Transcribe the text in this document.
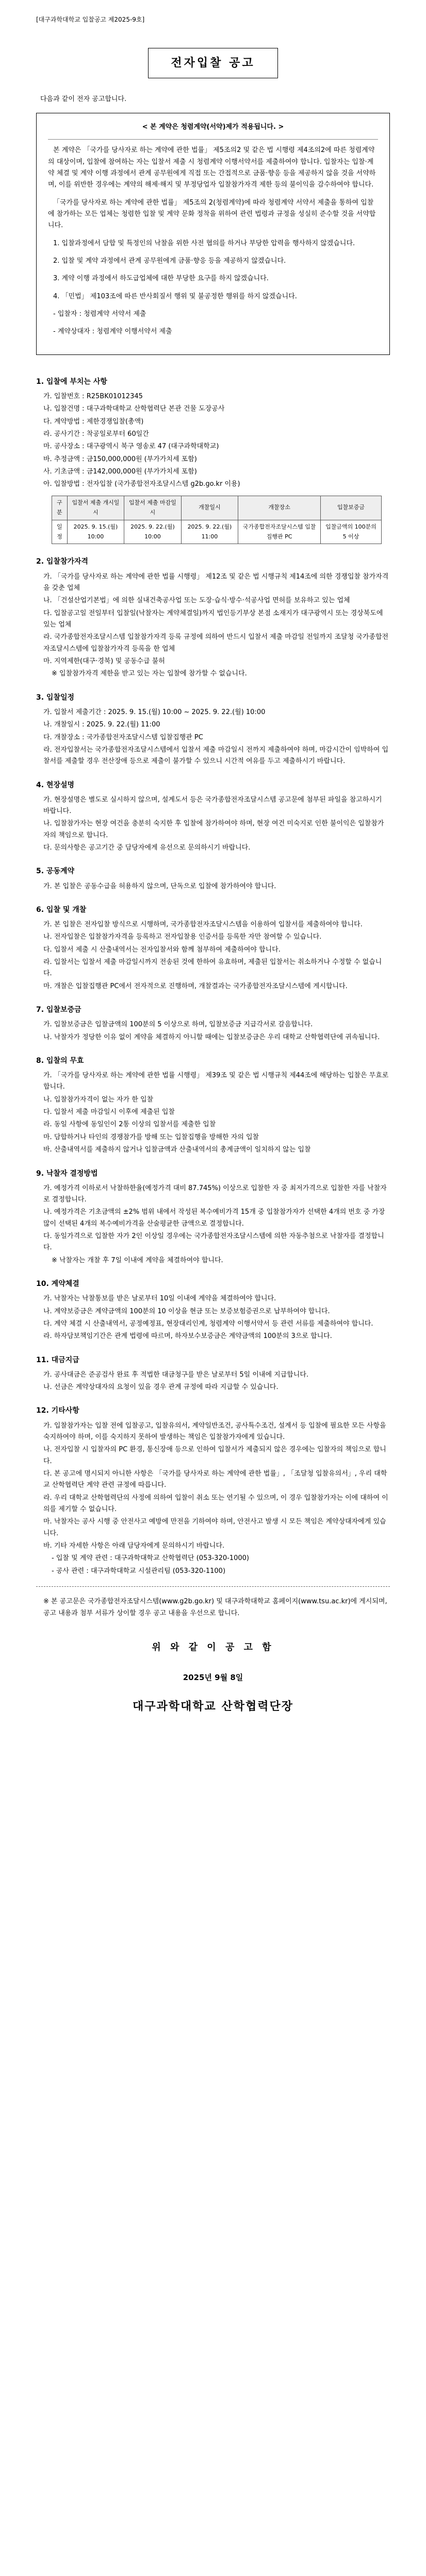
[대구과학대학교 입찰공고 제2025-9호]
전자입찰 공고
다음과 같이 전자 공고합니다.
< 본 계약은 청렴계약(서약)제가 적용됩니다. >

본 계약은 「국가를 당사자로 하는 계약에 관한 법률」 제5조의2 및 같은 법 시행령 제4조의2에 따른 청렴계약의 대상이며, 입찰에 참여하는 자는 입찰서 제출 시 청렴계약 이행서약서를 제출하여야 합니다. 입찰자는 입찰·계약 체결 및 계약 이행 과정에서 관계 공무원에게 직접 또는 간접적으로 금품·향응 등을 제공하지 않을 것을 서약하며, 이를 위반한 경우에는 계약의 해제·해지 및 부정당업자 입찰참가자격 제한 등의 불이익을 감수하여야 합니다.

「국가를 당사자로 하는 계약에 관한 법률」 제5조의 2(청렴계약)에 따라 청렴계약 서약서 제출을 통하여 입찰에 참가하는 모든 업체는 청렴한 입찰 및 계약 문화 정착을 위하여 관련 법령과 규정을 성실히 준수할 것을 서약합니다.

1. 입찰과정에서 담합 및 특정인의 낙찰을 위한 사전 협의를 하거나 부당한 압력을 행사하지 않겠습니다.

2. 입찰 및 계약 과정에서 관계 공무원에게 금품·향응 등을 제공하지 않겠습니다.

3. 계약 이행 과정에서 하도급업체에 대한 부당한 요구를 하지 않겠습니다.

4. 「민법」 제103조에 따른 반사회질서 행위 및 불공정한 행위를 하지 않겠습니다.

- 입찰자 : 청렴계약 서약서 제출

- 계약상대자 : 청렴계약 이행서약서 제출

1. 입찰에 부치는 사항
가. 입찰번호 : R25BK01012345
나. 입찰건명 : 대구과학대학교 산학협력단 본관 건물 도장공사
다. 계약방법 : 제한경쟁입찰(총액)
라. 공사기간 : 착공일로부터 60일간
마. 공사장소 : 대구광역시 북구 영송로 47 (대구과학대학교)
바. 추정금액 : 금150,000,000원 (부가가치세 포함)
사. 기초금액 : 금142,000,000원 (부가가치세 포함)
아. 입찰방법 : 전자입찰 (국가종합전자조달시스템 g2b.go.kr 이용)
구분	입찰서 제출 개시일시	입찰서 제출 마감일시	개찰일시	개찰장소	입찰보증금
일정	2025. 9. 15.(월) 10:00	2025. 9. 22.(월) 10:00	2025. 9. 22.(월) 11:00	국가종합전자조달시스템 입찰집행관 PC	입찰금액의 100분의 5 이상
2. 입찰참가자격
가. 「국가를 당사자로 하는 계약에 관한 법률 시행령」 제12조 및 같은 법 시행규칙 제14조에 의한 경쟁입찰 참가자격을 갖춘 업체
나. 「건설산업기본법」에 의한 실내건축공사업 또는 도장·습식·방수·석공사업 면허를 보유하고 있는 업체
다. 입찰공고일 전일부터 입찰일(낙찰자는 계약체결일)까지 법인등기부상 본점 소재지가 대구광역시 또는 경상북도에 있는 업체
라. 국가종합전자조달시스템 입찰참가자격 등록 규정에 의하여 반드시 입찰서 제출 마감일 전일까지 조달청 국가종합전자조달시스템에 입찰참가자격 등록을 한 업체
마. 지역제한(대구·경북) 및 공동수급 불허
※ 입찰참가자격 제한을 받고 있는 자는 입찰에 참가할 수 없습니다.
3. 입찰일정
가. 입찰서 제출기간 : 2025. 9. 15.(월) 10:00 ~ 2025. 9. 22.(월) 10:00
나. 개찰일시 : 2025. 9. 22.(월) 11:00
다. 개찰장소 : 국가종합전자조달시스템 입찰집행관 PC
라. 전자입찰서는 국가종합전자조달시스템에서 입찰서 제출 마감일시 전까지 제출하여야 하며, 마감시간이 임박하여 입찰서를 제출할 경우 전산장애 등으로 제출이 불가할 수 있으니 시간적 여유를 두고 제출하시기 바랍니다.
4. 현장설명
가. 현장설명은 별도로 실시하지 않으며, 설계도서 등은 국가종합전자조달시스템 공고문에 첨부된 파일을 참고하시기 바랍니다.
나. 입찰참가자는 현장 여건을 충분히 숙지한 후 입찰에 참가하여야 하며, 현장 여건 미숙지로 인한 불이익은 입찰참가자의 책임으로 합니다.
다. 문의사항은 공고기간 중 담당자에게 유선으로 문의하시기 바랍니다.
5. 공동계약
가. 본 입찰은 공동수급을 허용하지 않으며, 단독으로 입찰에 참가하여야 합니다.
6. 입찰 및 개찰
가. 본 입찰은 전자입찰 방식으로 시행하며, 국가종합전자조달시스템을 이용하여 입찰서를 제출하여야 합니다.
나. 전자입찰은 입찰참가자격을 등록하고 전자입찰용 인증서를 등록한 자만 참여할 수 있습니다.
다. 입찰서 제출 시 산출내역서는 전자입찰서와 함께 첨부하여 제출하여야 합니다.
라. 입찰서는 입찰서 제출 마감일시까지 전송된 것에 한하여 유효하며, 제출된 입찰서는 취소하거나 수정할 수 없습니다.
마. 개찰은 입찰집행관 PC에서 전자적으로 진행하며, 개찰결과는 국가종합전자조달시스템에 게시합니다.
7. 입찰보증금
가. 입찰보증금은 입찰금액의 100분의 5 이상으로 하며, 입찰보증금 지급각서로 갈음합니다.
나. 낙찰자가 정당한 이유 없이 계약을 체결하지 아니할 때에는 입찰보증금은 우리 대학교 산학협력단에 귀속됩니다.
8. 입찰의 무효
가. 「국가를 당사자로 하는 계약에 관한 법률 시행령」 제39조 및 같은 법 시행규칙 제44조에 해당하는 입찰은 무효로 합니다.
나. 입찰참가자격이 없는 자가 한 입찰
다. 입찰서 제출 마감일시 이후에 제출된 입찰
라. 동일 사항에 동일인이 2통 이상의 입찰서를 제출한 입찰
마. 담합하거나 타인의 경쟁참가를 방해 또는 입찰집행을 방해한 자의 입찰
바. 산출내역서를 제출하지 않거나 입찰금액과 산출내역서의 총계금액이 일치하지 않는 입찰
9. 낙찰자 결정방법
가. 예정가격 이하로서 낙찰하한율(예정가격 대비 87.745%) 이상으로 입찰한 자 중 최저가격으로 입찰한 자를 낙찰자로 결정합니다.
나. 예정가격은 기초금액의 ±2% 범위 내에서 작성된 복수예비가격 15개 중 입찰참가자가 선택한 4개의 번호 중 가장 많이 선택된 4개의 복수예비가격을 산술평균한 금액으로 결정합니다.
다. 동일가격으로 입찰한 자가 2인 이상일 경우에는 국가종합전자조달시스템에 의한 자동추첨으로 낙찰자를 결정합니다.
※ 낙찰자는 개찰 후 7일 이내에 계약을 체결하여야 합니다.
10. 계약체결
가. 낙찰자는 낙찰통보를 받은 날로부터 10일 이내에 계약을 체결하여야 합니다.
나. 계약보증금은 계약금액의 100분의 10 이상을 현금 또는 보증보험증권으로 납부하여야 합니다.
다. 계약 체결 시 산출내역서, 공정예정표, 현장대리인계, 청렴계약 이행서약서 등 관련 서류를 제출하여야 합니다.
라. 하자담보책임기간은 관계 법령에 따르며, 하자보수보증금은 계약금액의 100분의 3으로 합니다.
11. 대금지급
가. 공사대금은 준공검사 완료 후 적법한 대금청구를 받은 날로부터 5일 이내에 지급합니다.
나. 선금은 계약상대자의 요청이 있을 경우 관계 규정에 따라 지급할 수 있습니다.
12. 기타사항
가. 입찰참가자는 입찰 전에 입찰공고, 입찰유의서, 계약일반조건, 공사특수조건, 설계서 등 입찰에 필요한 모든 사항을 숙지하여야 하며, 이를 숙지하지 못하여 발생하는 책임은 입찰참가자에게 있습니다.
나. 전자입찰 시 입찰자의 PC 환경, 통신장애 등으로 인하여 입찰서가 제출되지 않은 경우에는 입찰자의 책임으로 합니다.
다. 본 공고에 명시되지 아니한 사항은 「국가를 당사자로 하는 계약에 관한 법률」, 「조달청 입찰유의서」, 우리 대학교 산학협력단 계약 관련 규정에 따릅니다.
라. 우리 대학교 산학협력단의 사정에 의하여 입찰이 취소 또는 연기될 수 있으며, 이 경우 입찰참가자는 이에 대하여 이의를 제기할 수 없습니다.
마. 낙찰자는 공사 시행 중 안전사고 예방에 만전을 기하여야 하며, 안전사고 발생 시 모든 책임은 계약상대자에게 있습니다.
바. 기타 자세한 사항은 아래 담당자에게 문의하시기 바랍니다.
- 입찰 및 계약 관련 : 대구과학대학교 산학협력단 (053-320-1000)
- 공사 관련 : 대구과학대학교 시설관리팀 (053-320-1100)
※ 본 공고문은 국가종합전자조달시스템(www.g2b.go.kr) 및 대구과학대학교 홈페이지(www.tsu.ac.kr)에 게시되며, 공고 내용과 첨부 서류가 상이할 경우 공고 내용을 우선으로 합니다.
위 와 같 이 공 고 함
2025년 9월 8일
대구과학대학교 산학협력단장
